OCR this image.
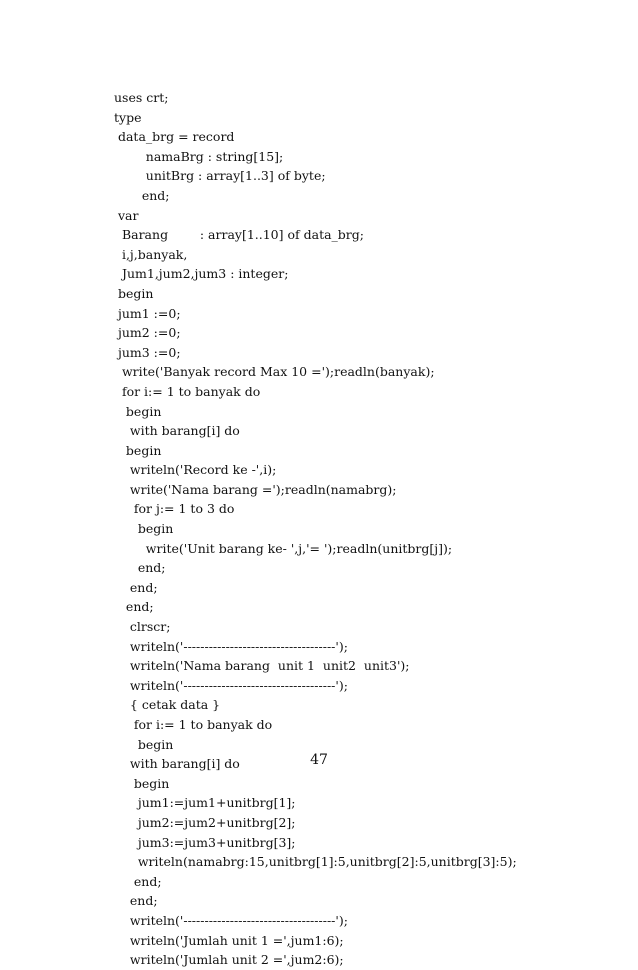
uses crt;
type
data_brg = record
namaBrg : string[15];
unitBrg : array[1..3] of byte;
end;
var
Barang        : array[1..10] of data_brg;
i,j,banyak,
Jum1,jum2,jum3 : integer;
begin
jum1 :=0;
jum2 :=0;
jum3 :=0;
write('Banyak record Max 10 =');readln(banyak);
for i:= 1 to banyak do
begin
with barang[i] do
begin
writeln('Record ke -',i);
write('Nama barang =');readln(namabrg);
for j:= 1 to 3 do
begin
write('Unit barang ke- ',j,'= ');readln(unitbrg[j]);
end;
end;
end;
clrscr;
writeln('------------------------------------');
writeln('Nama barang  unit 1  unit2  unit3');
writeln('------------------------------------');
{ cetak data }
for i:= 1 to banyak do
begin
with barang[i] do
begin
jum1:=jum1+unitbrg[1];
jum2:=jum2+unitbrg[2];
jum3:=jum3+unitbrg[3];
writeln(namabrg:15,unitbrg[1]:5,unitbrg[2]:5,unitbrg[3]:5);
end;
end;
writeln('------------------------------------');
writeln('Jumlah unit 1 =',jum1:6);
writeln('Jumlah unit 2 =',jum2:6);
47
